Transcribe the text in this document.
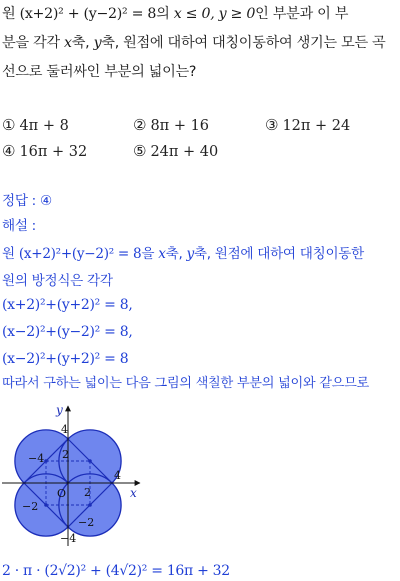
원 (x+2)² + (y−2)² = 8의 x ≤ 0, y ≥ 0인 부분과 이 부
분을 각각 x축, y축, 원점에 대하여 대칭이동하여 생기는 모든 곡
선으로 둘러싸인 부분의 넓이는?
① 4π + 8	② 8π + 16	③ 12π + 24
④ 16π + 32	⑤ 24π + 40
정답 : ④
해설 :
원 (x+2)²+(y−2)² = 8을 x축, y축, 원점에 대하여 대칭이동한
원의 방정식은 각각
(x+2)²+(y+2)² = 8,
(x−2)²+(y−2)² = 8,
(x−2)²+(y+2)² = 8
따라서 구하는 넓이는 다음 그림의 색칠한 부분의 넓이와 같으므로
x
y
O
4
−4
4
−4 2
2
−2
−2
2 · π · (2√2)² + (4√2)² = 16π + 32
